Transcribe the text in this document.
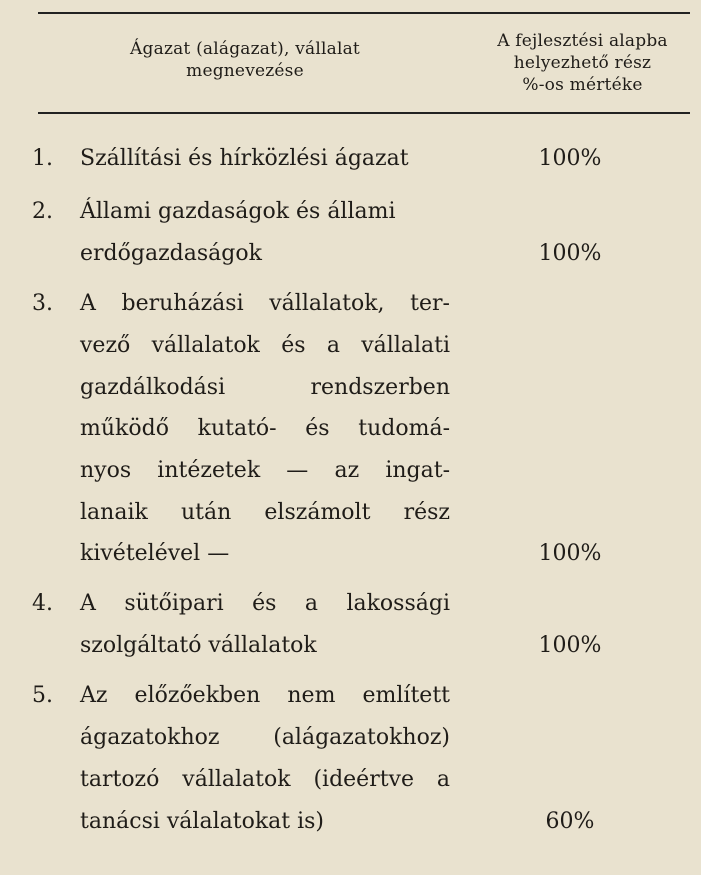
Ágazat (alágazat), vállalat
megnevezése
A fejlesztési alapba
helyezhető rész
%-os mértéke
1.	Szállítási és hírközlési ágazat	100%
2.	Állami gazdaságok és állami
erdőgazdaságok	100%
3.	A beruházási vállalatok, ter-
vező vállalatok és a vállalati
gazdálkodási rendszerben
működő kutató- és tudomá-
nyos intézetek — az ingat-
lanaik után elszámolt rész
kivételével —	100%
4.	A sütőipari és a lakossági
szolgáltató vállalatok	100%
5.	Az előzőekben nem említett
ágazatokhoz (alágazatokhoz)
tartozó vállalatok (ideértve a
tanácsi válalatokat is)	60%
